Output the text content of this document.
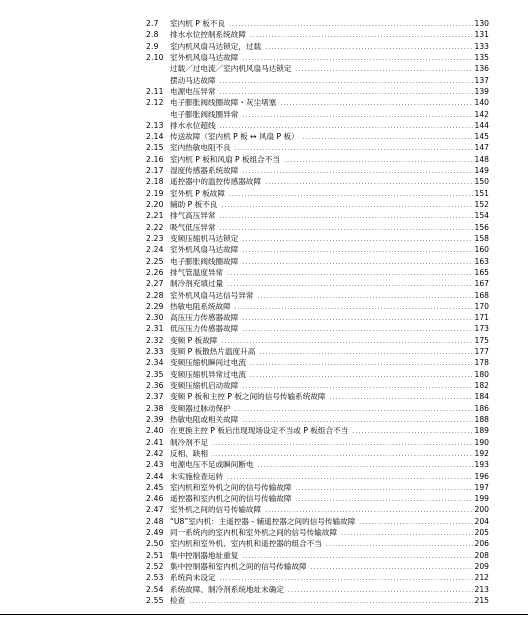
2.7	室内机 P 板不良 .....	130
2.8	排水水位控制系统故障 .....	131
2.9	室内机风扇马达锁定，过载 .....	133
2.10 室外机风扇马达故障 .....	135
过载／过电流／室内机风扇马达锁定 .....	136
摆动马达故障 .....	137
2.11 电源电压异常 .....	139
2.12 电子膨胀阀线圈故障・灰尘堵塞 .....	140
电子膨胀阀线圈异常 .....	142
2.13 排水水位超线 .....	144
2.14 传送故障（室内机 P 板 ↔ 风扇 P 板） .....	145
2.15 室内热敏电阻不良 .....	147
2.16 室内机 P 板和风扇 P 板组合不当 .....	148
2.17 湿度传感器系统故障 .....	149
2.18 遥控器中的温控传感器故障 .....	150
2.19 室外机 P 板故障 .....	151
2.20 辅助 P 板不良 .....	152
2.21 排气高压异常 .....	154
2.22 吸气低压异常 .....	156
2.23 变频压缩机马达锁定 .....	158
2.24 室外机风扇马达故障 .....	160
2.25 电子膨胀阀线圈故障 .....	163
2.26 排气管温度异常 .....	165
2.27 制冷剂充填过量 .....	167
2.28 室外机风扇马达信号异常 .....	168
2.29 热敏电阻系统故障 .....	170
2.30 高压压力传感器故障 .....	171
2.31 低压压力传感器故障 .....	173
2.32 变频 P 板故障 .....	175
2.33 变频 P 板散热片温度升高 .....	177
2.34 变频压缩机瞬间过电流 .....	178
2.35 变频压缩机异常过电流 .....	180
2.36 变频压缩机启动故障 .....	182
2.37 变频 P 板和主控 P 板之间的信号传输系统故障 .....	184
2.38 变频器过脉动保护 .....	186
2.39 热敏电阻或相关故障 .....	188
2.40 在更换主控 P 板后出现现场设定不当或 P 板组合不当 .....	189
2.41 制冷剂不足 .....	190
2.42 反相、缺相 .....	192
2.43 电源电压不足或瞬间断电 .....	193
2.44 未实施检查运转 .....	196
2.45 室内机和室外机之间的信号传输故障 .....	197
2.46 遥控器和室内机之间的信号传输故障 .....	199
2.47 室外机之间的信号传输故障 .....	200
2.48 “U8”室内机：主遥控器 - 辅遥控器之间的信号传输故障 .....	204
2.49 同一系统内的室内机和室外机之间的信号传输故障 .....	205
2.50 室内机和室外机、室内机和遥控器的组合不当 .....	206
2.51 集中控制器地址重复 .....	208
2.52 集中控制器和室内机之间的信号传输故障 .....	209
2.53 系统尚未设定 .....	212
2.54 系统故障、制冷剂系统地址未确定 .....	213
2.55 检查 .....	215
